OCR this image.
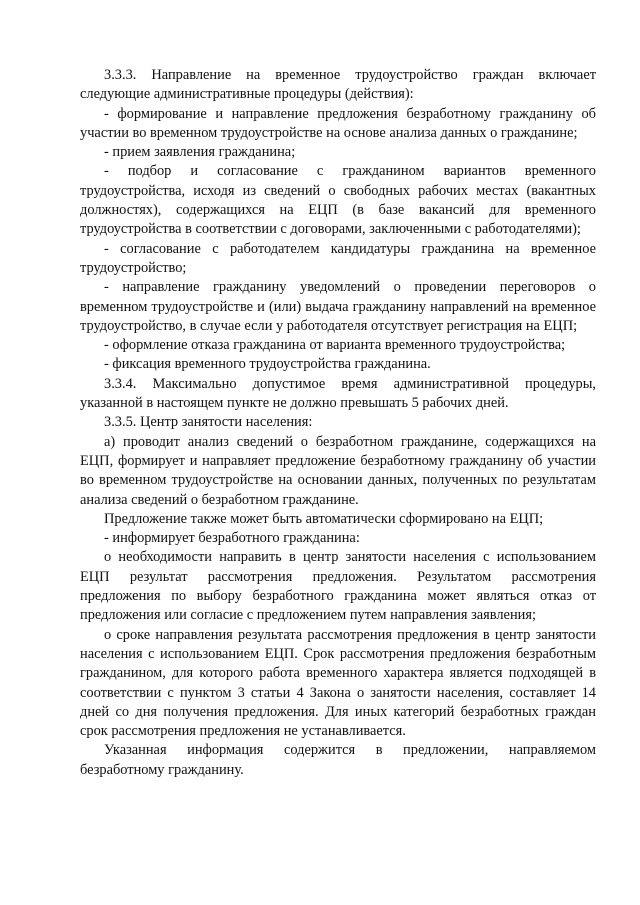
3.3.3. Направление на временное трудоустройство граждан включает следующие административные процедуры (действия):

- формирование и направление предложения безработному гражданину об участии во временном трудоустройстве на основе анализа данных о гражданине;

- прием заявления гражданина;

- подбор и согласование с гражданином вариантов временного трудоустройства, исходя из сведений о свободных рабочих местах (вакантных должностях), содержащихся на ЕЦП (в базе вакансий для временного трудоустройства в соответствии с договорами, заключенными с работодателями);

- согласование с работодателем кандидатуры гражданина на временное трудоустройство;

- направление гражданину уведомлений о проведении переговоров о временном трудоустройстве и (или) выдача гражданину направлений на временное трудоустройство, в случае если у работодателя отсутствует регистрация на ЕЦП;

- оформление отказа гражданина от варианта временного трудоустройства;

- фиксация временного трудоустройства гражданина.

3.3.4. Максимально допустимое время административной процедуры, указанной в настоящем пункте не должно превышать 5 рабочих дней.

3.3.5. Центр занятости населения:

а) проводит анализ сведений о безработном гражданине, содержащихся на ЕЦП, формирует и направляет предложение безработному гражданину об участии во временном трудоустройстве на основании данных, полученных по результатам анализа сведений о безработном гражданине.

Предложение также может быть автоматически сформировано на ЕЦП;

- информирует безработного гражданина:

о необходимости направить в центр занятости населения с использованием ЕЦП результат рассмотрения предложения. Результатом рассмотрения предложения по выбору безработного гражданина может являться отказ от предложения или согласие с предложением путем направления заявления;

о сроке направления результата рассмотрения предложения в центр занятости населения с использованием ЕЦП. Срок рассмотрения предложения безработным гражданином, для которого работа временного характера является подходящей в соответствии с пунктом 3 статьи 4 Закона о занятости населения, составляет 14 дней со дня получения предложения. Для иных категорий безработных граждан срок рассмотрения предложения не устанавливается.

Указанная информация содержится в предложении, направляемом безработному гражданину.
